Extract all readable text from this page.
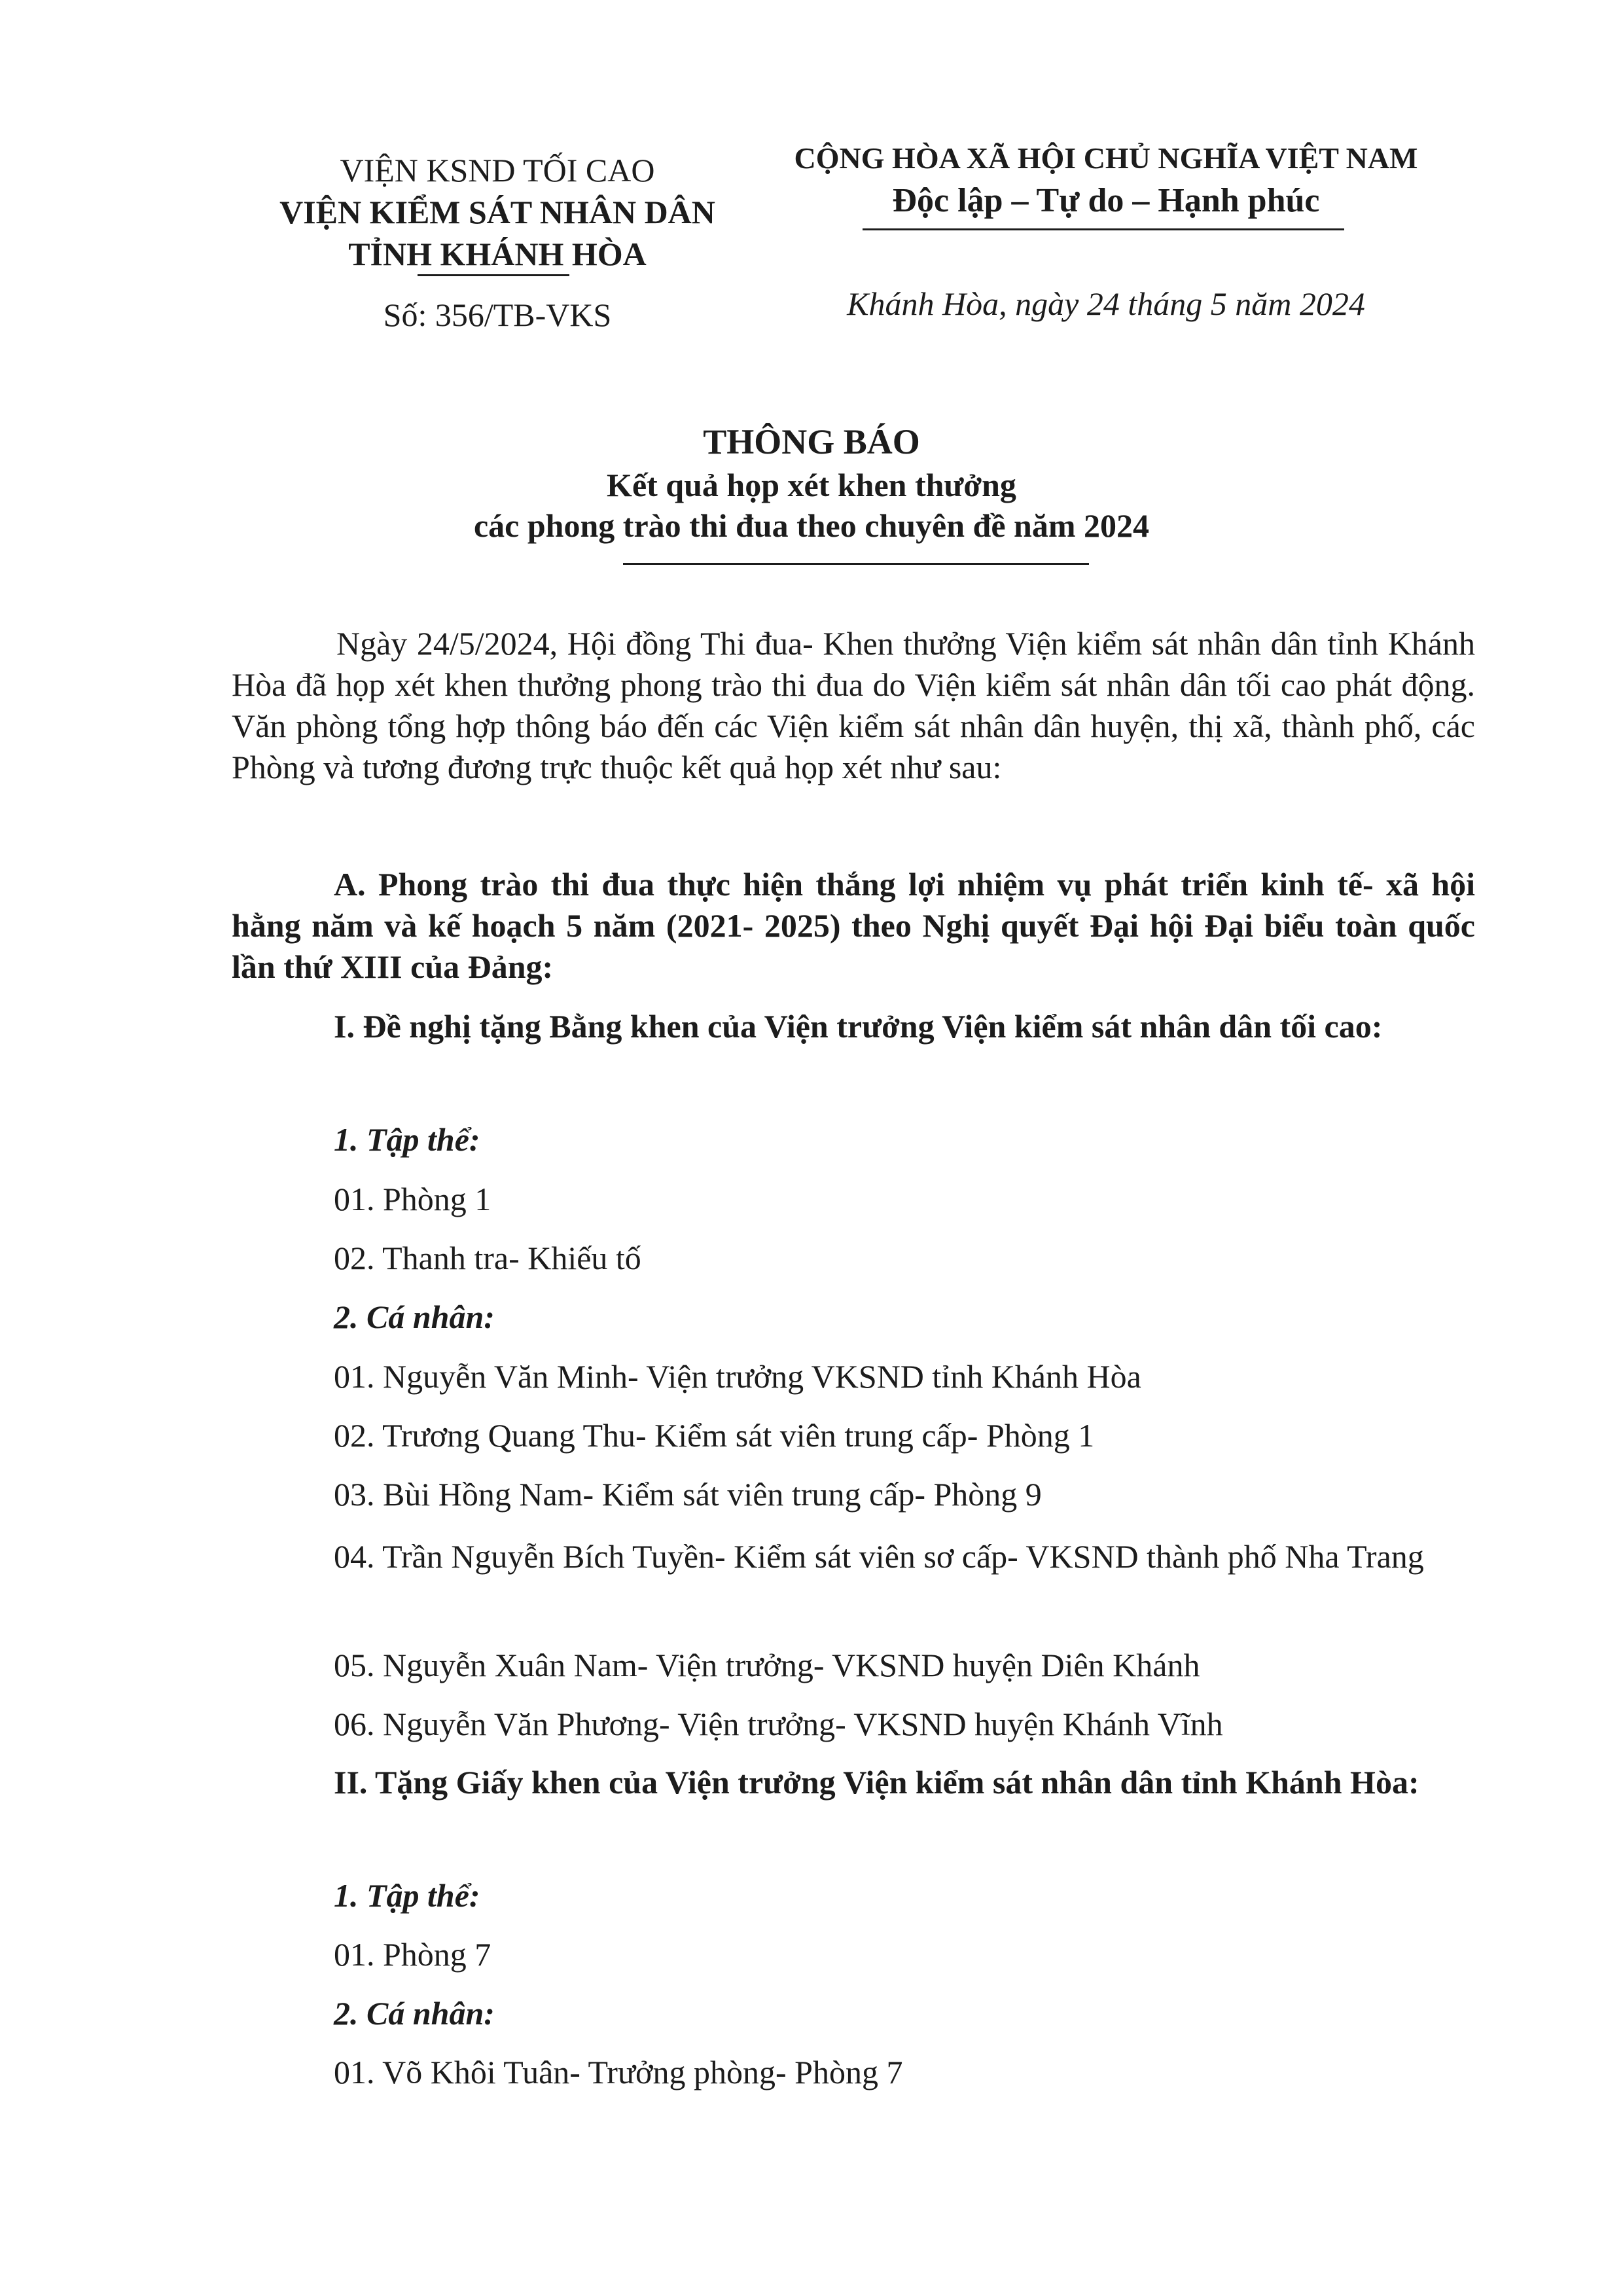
VIỆN KSND TỐI CAO
VIỆN KIỂM SÁT NHÂN DÂN
TỈNH KHÁNH HÒA
Số: 356/TB-VKS
CỘNG HÒA XÃ HỘI CHỦ NGHĨA VIỆT NAM
Độc lập – Tự do – Hạnh phúc
Khánh Hòa, ngày 24 tháng 5 năm 2024
THÔNG BÁO
Kết quả họp xét khen thưởng
các phong trào thi đua theo chuyên đề năm 2024
Ngày 24/5/2024, Hội đồng Thi đua- Khen thưởng Viện kiểm sát nhân dân tỉnh Khánh Hòa đã họp xét khen thưởng phong trào thi đua do Viện kiểm sát nhân dân tối cao phát động. Văn phòng tổng hợp thông báo đến các Viện kiểm sát nhân dân huyện, thị xã, thành phố, các Phòng và tương đương trực thuộc kết quả họp xét như sau:
A. Phong trào thi đua thực hiện thắng lợi nhiệm vụ phát triển kinh tế- xã hội hằng năm và kế hoạch 5 năm (2021- 2025) theo Nghị quyết Đại hội Đại biểu toàn quốc lần thứ XIII của Đảng:
I. Đề nghị tặng Bằng khen của Viện trưởng Viện kiểm sát nhân dân tối cao:
1. Tập thể:
01. Phòng 1
02. Thanh tra- Khiếu tố
2. Cá nhân:
01. Nguyễn Văn Minh- Viện trưởng VKSND tỉnh Khánh Hòa
02. Trương Quang Thu- Kiểm sát viên trung cấp- Phòng 1
03. Bùi Hồng Nam- Kiểm sát viên trung cấp- Phòng 9
04. Trần Nguyễn Bích Tuyền- Kiểm sát viên sơ cấp- VKSND thành phố Nha Trang
05. Nguyễn Xuân Nam- Viện trưởng- VKSND huyện Diên Khánh
06. Nguyễn Văn Phương- Viện trưởng- VKSND huyện Khánh Vĩnh
II. Tặng Giấy khen của Viện trưởng Viện kiểm sát nhân dân tỉnh Khánh Hòa:
1. Tập thể:
01. Phòng 7
2. Cá nhân:
01. Võ Khôi Tuân- Trưởng phòng- Phòng 7
